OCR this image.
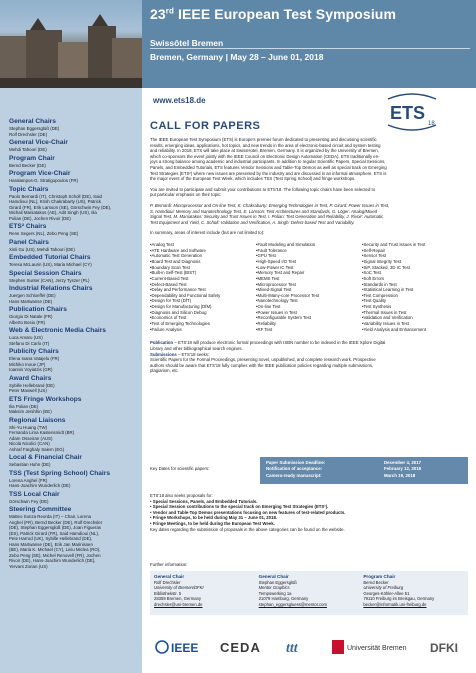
23rd IEEE European Test Symposium
Swissôtel Bremen
Bremen, Germany | May 28 – June 01, 2018
www.ets18.de
ETS
18
General Chairs
Stephan Eggersglüß (DE)
Rolf Drechsler (DE)
General Vice-Chair
Mehdi Tahoori (DE)
Program Chair
Bernd Becker (DE)
Program Vice-Chair
Haralampos-G. Stratigopoulos (FR)
Topic Chairs
Paolo Bernardi (IT), Christoph Scholl (DE), Said
Hamdioui (NL), Krish Chakrabarty (US), Patrick
Girard (FR), Erik Larsson (SE), Görschwin Fey (DE),
Michail Maniatakos (AE), Adit Singh (US), Ilia
Polian (DE), Jochen Rivoir (DE)
ETS² Chairs
Rene Segers (NL), Zebo Peng (SE)
Panel Chairs
Xinli Gu (US), Mehdi Tahoori (DE)
Embedded Tutorial Chairs
Teresa McLaurin (US), Maria Michael (CY)
Special Session Chairs
Stephen Sunter (CAN), Jerzy Tyszer (PL)
Industrial Relations Chairs
Juergen Schloeffel (DE)
Hans Martwanse (DE)
Publication Chairs
Giorgio Di Natale (FR)
Alberto Bosio (FR)
Web & Electronic Media Chairs
Luca Amaru (US)
Stefano Di Carlo (IT)
Publicity Chairs
Elena Ioana Vatajelu (FR)
Michiko Inoue (JP)
Ioannis Voyiatzis (GR)
Award Chairs
Sybille Hellebrand (DE)
Peter Maxwell (US)
ETS Fringe Workshops
Ilia Polian (DE)
Maksim Jenihhin (EE)
Regional Liaisons
Shi-Yu Huang (TW)
Fernanda Lima Kastensmidt (BR)
Adam Osseiran (AUS)
Nicola Nicolici (CAN)
Ashraf Farghaly Salem (EG)
Local & Financial Chair
Sebastian Huhn (DE)
TSS (Test Spring School) Chairs
Lorena Anghel (FR)
Hans-Joachim Wunderlich (DE)
TSS Local Chair
Görschwin Fey (DE)
Steering Committee
Matteo Sonza Reorda (IT) – Chair, Lorena
Anghel (FR), Bernd Becker (DE), Rolf Drechsler
(DE), Stephan Eggersglüß (DE), Joan Figueras
(ES), Patrick Girard (FR), Said Hamdioui (NL),
Pete Harrod (UK), Sybille Hellebrand (DE),
Hans Martwanse (DE), Erik Jan Marinissen
(BE), Maria K. Michael (CY), Liviu Miclea (RO),
Zebo Peng (SE), Michel Renovell (FR), Jochen
Rivoir (DE), Hans-Joachim Wunderlich (DE),
Yervant Zorian (US)
CALL FOR PAPERS
The IEEE European Test Symposium (ETS) is Europe's premier forum dedicated to presenting and discussing scientific
results, emerging ideas, applications, hot topics, and new trends in the area of electronic-based circuit and system testing
and reliability. In 2018, ETS will take place at SwissHotel, Bremen, Germany. It is organized by the University of Bremen,
which co-sponsors the event jointly with the IEEE Council on Electronic Design Automation (CEDA). ETS traditionally en-
joys a strong balance among academic and industrial participants. In addition to regular Scientific Papers, Special Sessions,
Panels, and Embedded Tutorials, ETS features Vendor Sessions and Table-Top Demos as well as special track on Emerging
Test Strategies (ETS²) where new issues are presented by the industry and are discussed in an informal atmosphere. ETS is
the major event of the European Test Week, which includes TSS (Test Spring School) and fringe workshops.
You are invited to participate and submit your contributions to ETS'18. The following topic chairs have been selected to
put particular emphasis on their topic:
P. Bernardi: Microprocessor and On-line Test, K. Chakrabarty: Emerging Technologies in Test, P. Girard: Power Issues in Test,
S. Hamdioui: Memory and Nanotechnology Test, E. Larsson: Test Architectures and Standards, G. Löger: Analog/Mixed
Signal Test, M. Maniatakos: Security and Trust Issues in Test, I. Polian: Test Generation and Reliability, J. Rivoir: Automatic
Test Equipment and Yield, C. Scholl: Validation and Verification, A. Singh: Defect-based Test and Variability.
In summary, areas of interest include (but are not limited to):
• Analog Test
• ATE Hardware and Software
• Automatic Test Generation
• Board Test and Diagnosis
• Boundary Scan Test
• Built-in Self-Test (BIST)
• Current-Based Test
• Defect-Based Test
• Delay and Performance Test
• Dependability and Functional Safety
• Design for Test (DfT)
• Design for Manufacturing (DfM)
• Diagnosis and Silicon Debug
• Economics of Test
• Test of Emerging Technologies
• Failure Analysis
• Fault Modeling and Simulation
• Fault Tolerance
• GPU Test
• High-Speed I/O Test
• Low-Power IC Test
• Memory Test and Repair
• MEMS Test
• Microprocessor Test
• Mixed-Signal Test
• Multi-/Many-core Processor Test
• Nanotechnology Test
• On-line Test
• Power Issues in Test
• Reconfigurable System Test
• Reliability
• RF Test
• Security and Trust Issues in Test
• Self-Repair
• Sensor Test
• Signal Integrity Test
• SiP, Stacked, 3D IC Test
• SoC Test
• Soft Errors
• Standards in Test
• Statistical Learning in Test
• Test Compression
• Test Quality
• Test Synthesis
• Thermal Issues in Test
• Validation and Verification
• Variability Issues in Test
• Yield Analysis and Enhancement
Publication – ETS'18 will produce electronic formal proceedings with ISBN number to be indexed in the IEEE Xplore Digital
Library and other bibliographical search engines.
Submissions – ETS'18 seeks:
Scientific Papers for the Formal Proceedings, presenting novel, unpublished, and complete research work. Prospective
authors should be aware that ETS'18 fully complies with the IEEE publication policies regarding multiple submissions,
plagiarism, etc.
Key Dates for scientific papers:
Paper Submission Deadline:	December 4, 2017
Notification of acceptance:	February 12, 2018
Camera-ready manuscript:	March 19, 2018
ETS'18 also seeks proposals for:
• Special Sessions, Panels, and Embedded Tutorials.
• Special Session contributions to the special track on Emerging Test Strategies (ETS²).
• Vendor and Table-Top Demos presentations focusing on new features of test-related products.
• Fringe Workshops, to be held during May 31 – June 01, 2018.
• Fringe Meetings, to be held during the European Test Week.
Key dates regarding the submission of proposals in the above categories can be found on the website.
Further information:
General Chair
Rolf Drechsler
University of Bremen/DFKI
Bibliothekstr. 5
28359 Bremen, Germany
drechsler@uni-bremen.de
General Chair
Stephan Eggersglüß
Mentor Graphics
Tempowerking 1a
21079 Hamburg, Germany
stephan_eggersgluess@mentor.com
Program Chair
Bernd Becker
University of Freiburg
Georges-Köhler-Allee 51
79110 Freiburg im Breisgau, Germany
becker@informatik.uni-freiburg.de
IEEE CEDA ttt	Universität Bremen DFKI
